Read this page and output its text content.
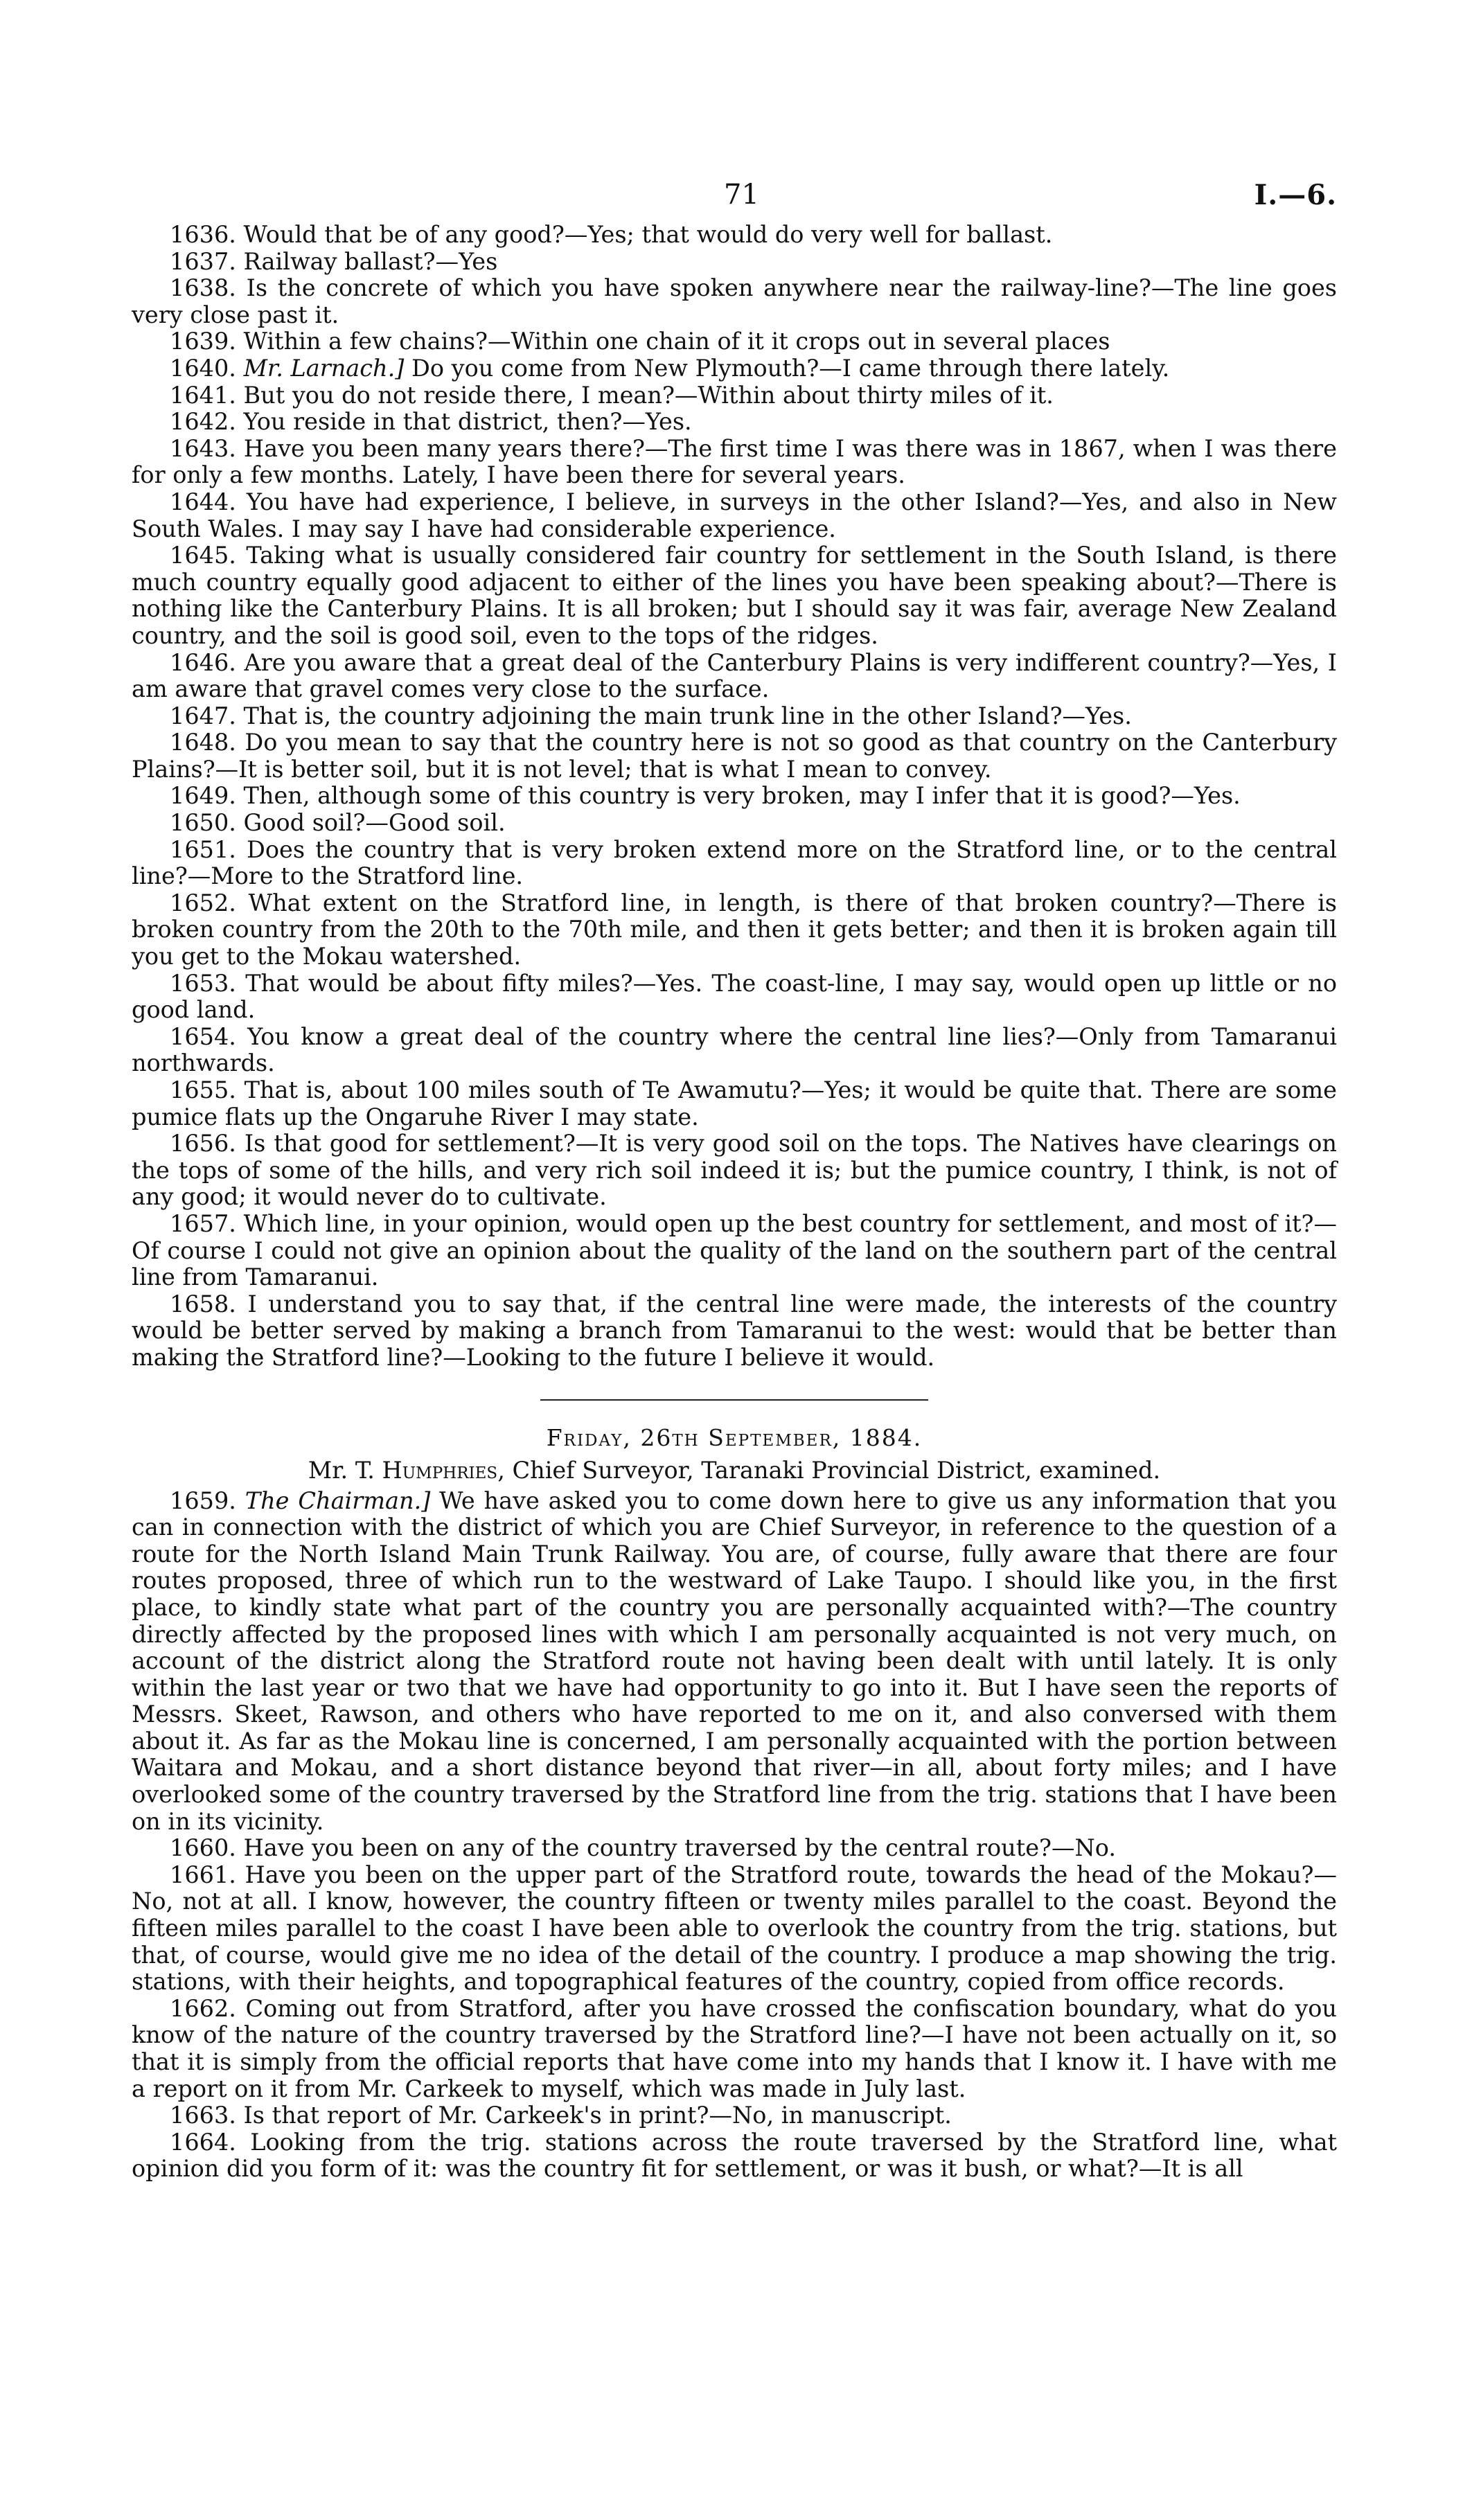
71	I.—6.

1636. Would that be of any good?—Yes; that would do very well for ballast.

1637. Railway ballast?—Yes

1638. Is the concrete of which you have spoken anywhere near the railway-line?—The line goes very close past it.

1639. Within a few chains?—Within one chain of it it crops out in several places

1640. Mr. Larnach.] Do you come from New Plymouth?—I came through there lately.

1641. But you do not reside there, I mean?—Within about thirty miles of it.

1642. You reside in that district, then?—Yes.

1643. Have you been many years there?—The first time I was there was in 1867, when I was there for only a few months. Lately, I have been there for several years.

1644. You have had experience, I believe, in surveys in the other Island?—Yes, and also in New South Wales. I may say I have had considerable experience.

1645. Taking what is usually considered fair country for settlement in the South Island, is there much country equally good adjacent to either of the lines you have been speaking about?—There is nothing like the Canterbury Plains. It is all broken; but I should say it was fair, average New Zealand country, and the soil is good soil, even to the tops of the ridges.

1646. Are you aware that a great deal of the Canterbury Plains is very indifferent country?—Yes, I am aware that gravel comes very close to the surface.

1647. That is, the country adjoining the main trunk line in the other Island?—Yes.

1648. Do you mean to say that the country here is not so good as that country on the Canterbury Plains?—It is better soil, but it is not level; that is what I mean to convey.

1649. Then, although some of this country is very broken, may I infer that it is good?—Yes.

1650. Good soil?—Good soil.

1651. Does the country that is very broken extend more on the Stratford line, or to the central line?—More to the Stratford line.

1652. What extent on the Stratford line, in length, is there of that broken country?—There is broken country from the 20th to the 70th mile, and then it gets better; and then it is broken again till you get to the Mokau watershed.

1653. That would be about fifty miles?—Yes. The coast-line, I may say, would open up little or no good land.

1654. You know a great deal of the country where the central line lies?—Only from Tamaranui northwards.

1655. That is, about 100 miles south of Te Awamutu?—Yes; it would be quite that. There are some pumice flats up the Ongaruhe River I may state.

1656. Is that good for settlement?—It is very good soil on the tops. The Natives have clearings on the tops of some of the hills, and very rich soil indeed it is; but the pumice country, I think, is not of any good; it would never do to cultivate.

1657. Which line, in your opinion, would open up the best country for settlement, and most of it?—Of course I could not give an opinion about the quality of the land on the southern part of the central line from Tamaranui.

1658. I understand you to say that, if the central line were made, the interests of the country would be better served by making a branch from Tamaranui to the west: would that be better than making the Stratford line?—Looking to the future I believe it would.

Friday, 26th September, 1884.
Mr. T. Humphries, Chief Surveyor, Taranaki Provincial District, examined.

1659. The Chairman.] We have asked you to come down here to give us any information that you can in connection with the district of which you are Chief Surveyor, in reference to the question of a route for the North Island Main Trunk Railway. You are, of course, fully aware that there are four routes proposed, three of which run to the westward of Lake Taupo. I should like you, in the first place, to kindly state what part of the country you are personally acquainted with?—The country directly affected by the proposed lines with which I am personally acquainted is not very much, on account of the district along the Stratford route not having been dealt with until lately. It is only within the last year or two that we have had opportunity to go into it. But I have seen the reports of Messrs. Skeet, Rawson, and others who have reported to me on it, and also conversed with them about it. As far as the Mokau line is concerned, I am personally acquainted with the portion between Waitara and Mokau, and a short distance beyond that river—in all, about forty miles; and I have overlooked some of the country traversed by the Stratford line from the trig. stations that I have been on in its vicinity.

1660. Have you been on any of the country traversed by the central route?—No.

1661. Have you been on the upper part of the Stratford route, towards the head of the Mokau?—No, not at all. I know, however, the country fifteen or twenty miles parallel to the coast. Beyond the fifteen miles parallel to the coast I have been able to overlook the country from the trig. stations, but that, of course, would give me no idea of the detail of the country. I produce a map showing the trig. stations, with their heights, and topographical features of the country, copied from office records.

1662. Coming out from Stratford, after you have crossed the confiscation boundary, what do you know of the nature of the country traversed by the Stratford line?—I have not been actually on it, so that it is simply from the official reports that have come into my hands that I know it. I have with me a report on it from Mr. Carkeek to myself, which was made in July last.

1663. Is that report of Mr. Carkeek's in print?—No, in manuscript.

1664. Looking from the trig. stations across the route traversed by the Stratford line, what opinion did you form of it: was the country fit for settlement, or was it bush, or what?—It is all
